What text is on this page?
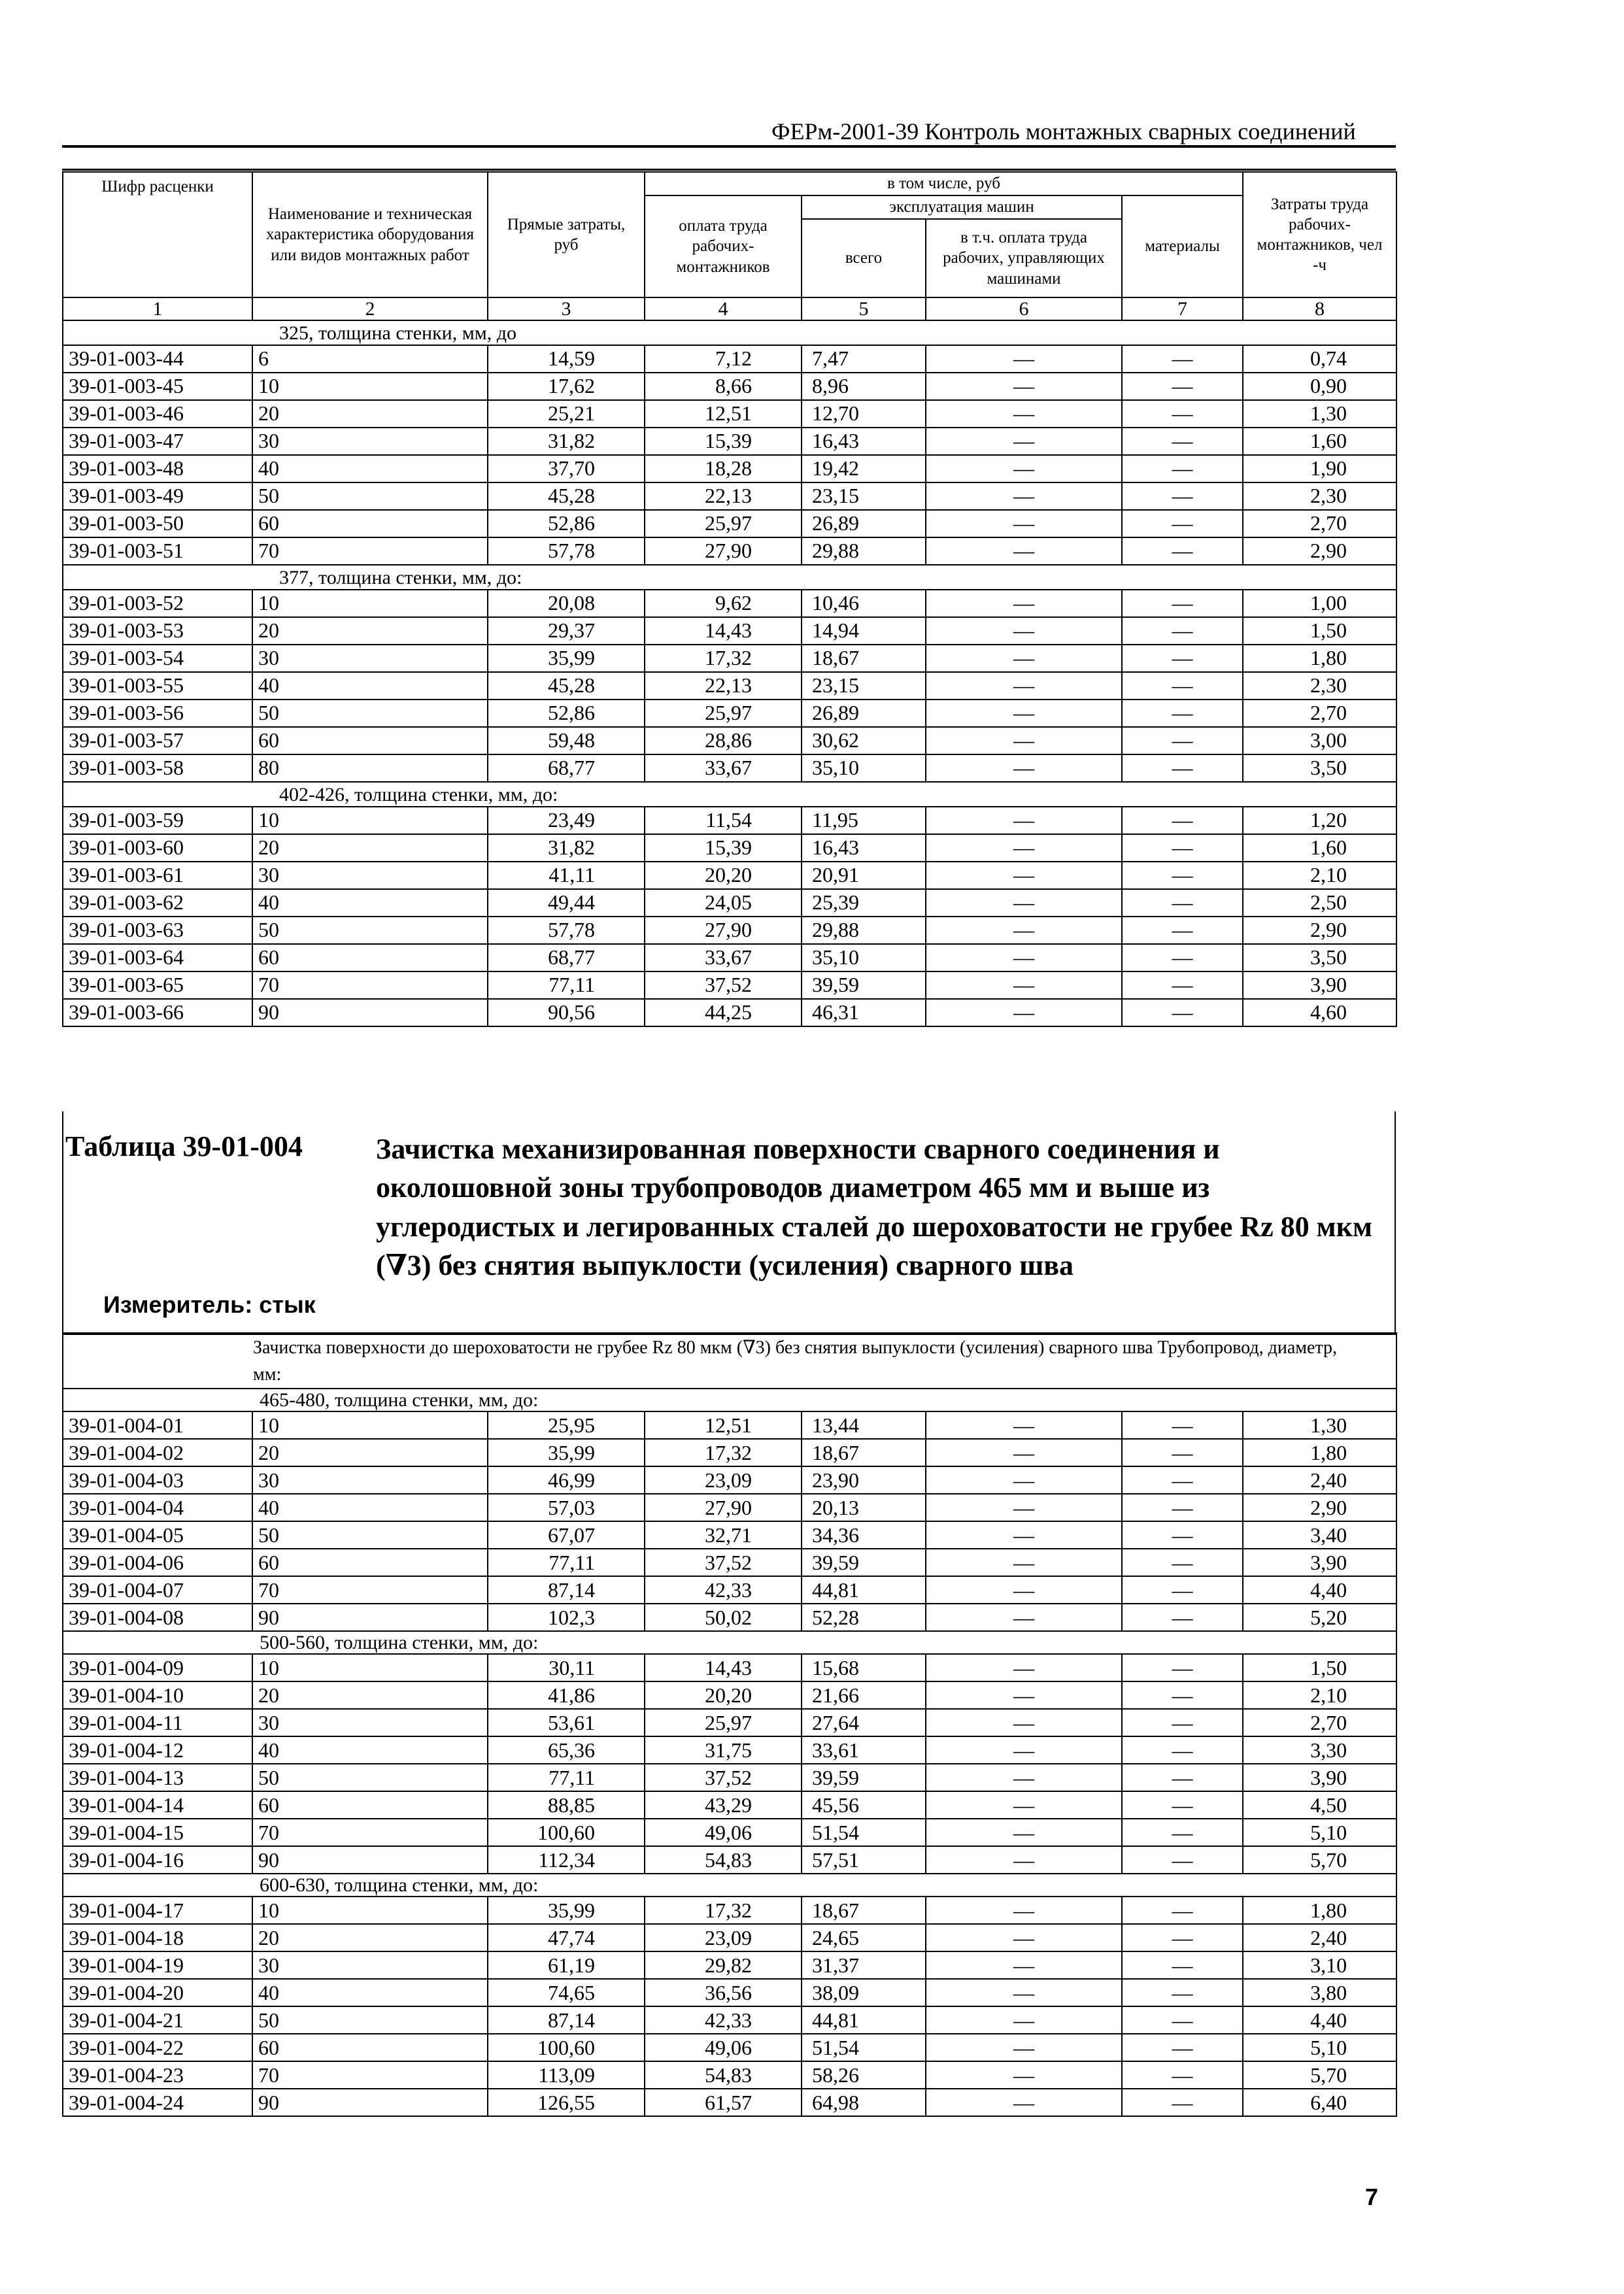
ФЕРм-2001-39 Контроль монтажных сварных соединений
Шифр расценки	Наименование и техническая характеристика оборудования или видов монтажных работ	Прямые затраты, руб	в том числе, руб				Затраты труда рабочих-монтажников, чел -ч
			оплата труда рабочих-монтажников	эксплуатация машин		материалы	
				всего	в т.ч. оплата труда рабочих, управляющих машинами		
1	2	3	4	5	6	7	8
325, толщина стенки, мм, до							
39-01-003-44	6	14,59	7,12	7,47	—	—	0,74
39-01-003-45	10	17,62	8,66	8,96	—	—	0,90
39-01-003-46	20	25,21	12,51	12,70	—	—	1,30
39-01-003-47	30	31,82	15,39	16,43	—	—	1,60
39-01-003-48	40	37,70	18,28	19,42	—	—	1,90
39-01-003-49	50	45,28	22,13	23,15	—	—	2,30
39-01-003-50	60	52,86	25,97	26,89	—	—	2,70
39-01-003-51	70	57,78	27,90	29,88	—	—	2,90
377, толщина стенки, мм, до:							
39-01-003-52	10	20,08	9,62	10,46	—	—	1,00
39-01-003-53	20	29,37	14,43	14,94	—	—	1,50
39-01-003-54	30	35,99	17,32	18,67	—	—	1,80
39-01-003-55	40	45,28	22,13	23,15	—	—	2,30
39-01-003-56	50	52,86	25,97	26,89	—	—	2,70
39-01-003-57	60	59,48	28,86	30,62	—	—	3,00
39-01-003-58	80	68,77	33,67	35,10	—	—	3,50
402-426, толщина стенки, мм, до:							
39-01-003-59	10	23,49	11,54	11,95	—	—	1,20
39-01-003-60	20	31,82	15,39	16,43	—	—	1,60
39-01-003-61	30	41,11	20,20	20,91	—	—	2,10
39-01-003-62	40	49,44	24,05	25,39	—	—	2,50
39-01-003-63	50	57,78	27,90	29,88	—	—	2,90
39-01-003-64	60	68,77	33,67	35,10	—	—	3,50
39-01-003-65	70	77,11	37,52	39,59	—	—	3,90
39-01-003-66	90	90,56	44,25	46,31	—	—	4,60
Таблица 39-01-004	Зачистка механизированная поверхности сварного соединения и околошовной зоны трубопроводов диаметром 465 мм и выше из углеродистых и легированных сталей до шероховатости не грубее Rz 80 мкм (∇3) без снятия выпуклости (усиления) сварного шва
Измеритель: стык
Зачистка поверхности до шероховатости не грубее Rz 80 мкм (∇3) без снятия выпуклости (усиления) сварного шва Трубопровод, диаметр, мм:							
465-480, толщина стенки, мм, до:							
39-01-004-01	10	25,95	12,51	13,44	—	—	1,30
39-01-004-02	20	35,99	17,32	18,67	—	—	1,80
39-01-004-03	30	46,99	23,09	23,90	—	—	2,40
39-01-004-04	40	57,03	27,90	20,13	—	—	2,90
39-01-004-05	50	67,07	32,71	34,36	—	—	3,40
39-01-004-06	60	77,11	37,52	39,59	—	—	3,90
39-01-004-07	70	87,14	42,33	44,81	—	—	4,40
39-01-004-08	90	102,3	50,02	52,28	—	—	5,20
500-560, толщина стенки, мм, до:							
39-01-004-09	10	30,11	14,43	15,68	—	—	1,50
39-01-004-10	20	41,86	20,20	21,66	—	—	2,10
39-01-004-11	30	53,61	25,97	27,64	—	—	2,70
39-01-004-12	40	65,36	31,75	33,61	—	—	3,30
39-01-004-13	50	77,11	37,52	39,59	—	—	3,90
39-01-004-14	60	88,85	43,29	45,56	—	—	4,50
39-01-004-15	70	100,60	49,06	51,54	—	—	5,10
39-01-004-16	90	112,34	54,83	57,51	—	—	5,70
600-630, толщина стенки, мм, до:							
39-01-004-17	10	35,99	17,32	18,67	—	—	1,80
39-01-004-18	20	47,74	23,09	24,65	—	—	2,40
39-01-004-19	30	61,19	29,82	31,37	—	—	3,10
39-01-004-20	40	74,65	36,56	38,09	—	—	3,80
39-01-004-21	50	87,14	42,33	44,81	—	—	4,40
39-01-004-22	60	100,60	49,06	51,54	—	—	5,10
39-01-004-23	70	113,09	54,83	58,26	—	—	5,70
39-01-004-24	90	126,55	61,57	64,98	—	—	6,40
7
